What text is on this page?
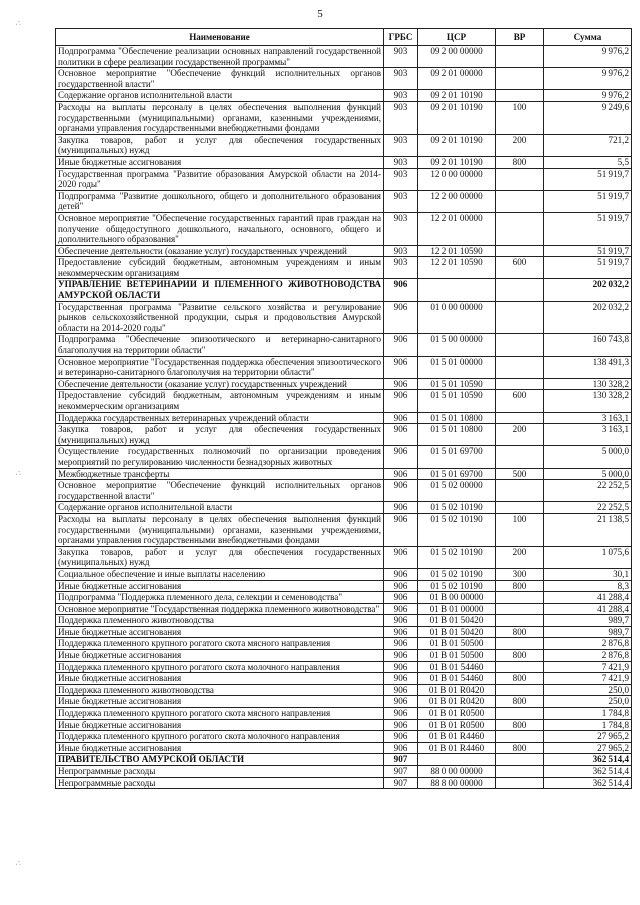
5
·​:
·​:
·​:
Наименование	ГРБС	ЦСР	ВР	Сумма
Подпрограмма "Обеспечение реализации основных направлений государственной политики в сфере реализации государственной программы"	903	09 2 00 00000		9 976,2
Основное мероприятие "Обеспечение функций исполнительных органов государственной власти"	903	09 2 01 00000		9 976,2
Содержание органов исполнительной власти	903	09 2 01 10190		9 976,2
Расходы на выплаты персоналу в целях обеспечения выполнения функций государственными (муниципальными) органами, казенными учреждениями, органами управления государственными внебюджетными фондами	903	09 2 01 10190	100	9 249,6
Закупка товаров, работ и услуг для обеспечения государственных (муниципальных) нужд	903	09 2 01 10190	200	721,2
Иные бюджетные ассигнования	903	09 2 01 10190	800	5,5
Государственная программа "Развитие образования Амурской области на 2014-2020 годы"	903	12 0 00 00000		51 919,7
Подпрограмма "Развитие дошкольного, общего и дополнительного образования детей"	903	12 2 00 00000		51 919,7
Основное мероприятие "Обеспечение государственных гарантий прав граждан на получение общедоступного дошкольного, начального, основного, общего и дополнительного образования"	903	12 2 01 00000		51 919,7
Обеспечение деятельности (оказание услуг) государственных учреждений	903	12 2 01 10590		51 919,7
Предоставление субсидий бюджетным, автономным учреждениям и иным некоммерческим организациям	903	12 2 01 10590	600	51 919,7
УПРАВЛЕНИЕ ВЕТЕРИНАРИИ И ПЛЕМЕННОГО ЖИВОТНОВОДСТВА АМУРСКОЙ ОБЛАСТИ	906			202 032,2
Государственная программа "Развитие сельского хозяйства и регулирование рынков сельскохозяйственной продукции, сырья и продовольствия Амурской области на 2014-2020 годы"	906	01 0 00 00000		202 032,2
Подпрограмма "Обеспечение эпизоотического и ветеринарно-санитарного благополучия на территории области"	906	01 5 00 00000		160 743,8
Основное мероприятие "Государственная поддержка обеспечения эпизоотического и ветеринарно-санитарного благополучия на территории области"	906	01 5 01 00000		138 491,3
Обеспечение деятельности (оказание услуг) государственных учреждений	906	01 5 01 10590		130 328,2
Предоставление субсидий бюджетным, автономным учреждениям и иным некоммерческим организациям	906	01 5 01 10590	600	130 328,2
Поддержка государственных ветеринарных учреждений области	906	01 5 01 10800		3 163,1
Закупка товаров, работ и услуг для обеспечения государственных (муниципальных) нужд	906	01 5 01 10800	200	3 163,1
Осуществление государственных полномочий по организации проведения мероприятий по регулированию численности безнадзорных животных	906	01 5 01 69700		5 000,0
Межбюджетные трансферты	906	01 5 01 69700	500	5 000,0
Основное мероприятие "Обеспечение функций исполнительных органов государственной власти"	906	01 5 02 00000		22 252,5
Содержание органов исполнительной власти	906	01 5 02 10190		22 252,5
Расходы на выплаты персоналу в целях обеспечения выполнения функций государственными (муниципальными) органами, казенными учреждениями, органами управления государственными внебюджетными фондами	906	01 5 02 10190	100	21 138,5
Закупка товаров, работ и услуг для обеспечения государственных (муниципальных) нужд	906	01 5 02 10190	200	1 075,6
Социальное обеспечение и иные выплаты населению	906	01 5 02 10190	300	30,1
Иные бюджетные ассигнования	906	01 5 02 10190	800	8,3
Подпрограмма "Поддержка племенного дела, селекции и семеноводства"	906	01 В 00 00000		41 288,4
Основное мероприятие "Государственная поддержка племенного животноводства"	906	01 В 01 00000		41 288,4
Поддержка племенного животноводства	906	01 В 01 50420		989,7
Иные бюджетные ассигнования	906	01 В 01 50420	800	989,7
Поддержка племенного крупного рогатого скота мясного направления	906	01 В 01 50500		2 876,8
Иные бюджетные ассигнования	906	01 В 01 50500	800	2 876,8
Поддержка племенного крупного рогатого скота молочного направления	906	01 В 01 54460		7 421,9
Иные бюджетные ассигнования	906	01 В 01 54460	800	7 421,9
Поддержка племенного животноводства	906	01 В 01 R0420		250,0
Иные бюджетные ассигнования	906	01 В 01 R0420	800	250,0
Поддержка племенного крупного рогатого скота мясного направления	906	01 В 01 R0500		1 784,8
Иные бюджетные ассигнования	906	01 В 01 R0500	800	1 784,8
Поддержка племенного крупного рогатого скота молочного направления	906	01 В 01 R4460		27 965,2
Иные бюджетные ассигнования	906	01 В 01 R4460	800	27 965,2
ПРАВИТЕЛЬСТВО АМУРСКОЙ ОБЛАСТИ	907			362 514,4
Непрограммные расходы	907	88 0 00 00000		362 514,4
Непрограммные расходы	907	88 8 00 00000		362 514,4
